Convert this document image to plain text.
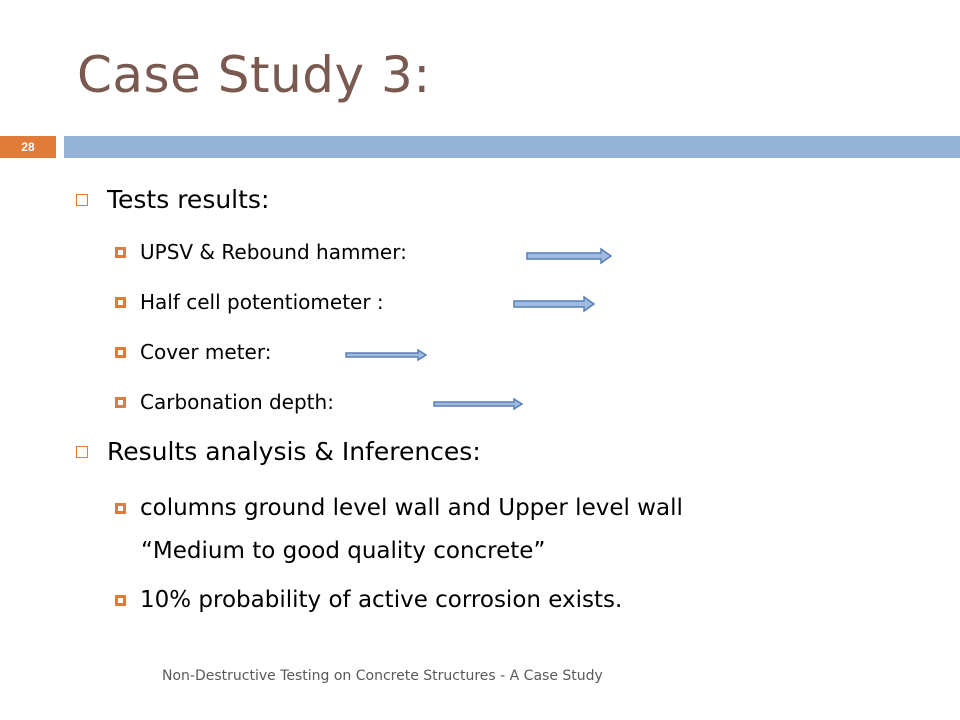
Case Study 3:
28
Tests results:
UPSV & Rebound hammer:
Half cell potentiometer :
Cover meter:
Carbonation depth:
Results analysis & Inferences:
columns ground level wall and Upper level wall
“Medium to good quality concrete”
10% probability of active corrosion exists.
Non-Destructive Testing on Concrete Structures - A Case Study
